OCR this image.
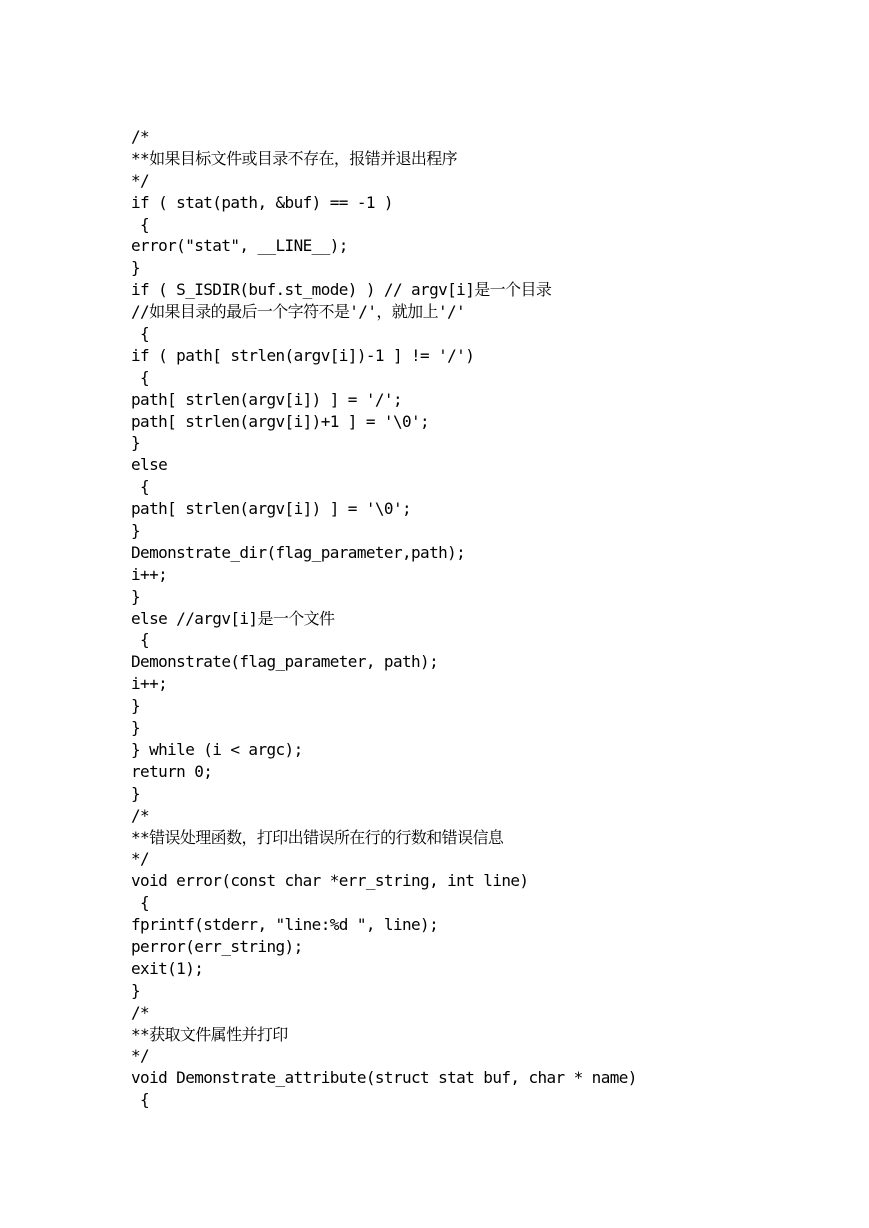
/*
**如果目标文件或目录不存在，报错并退出程序
*/
if ( stat(path, &buf) == -1 )
{
error("stat", __LINE__);
}
if ( S_ISDIR(buf.st_mode) ) // argv[i]是一个目录
//如果目录的最后一个字符不是'/'，就加上'/'
{
if ( path[ strlen(argv[i])-1 ] != '/')
{
path[ strlen(argv[i]) ] = '/';
path[ strlen(argv[i])+1 ] = '\0';
}
else
{
path[ strlen(argv[i]) ] = '\0';
}
Demonstrate_dir(flag_parameter,path);
i++;
}
else //argv[i]是一个文件
{
Demonstrate(flag_parameter, path);
i++;
}
}
} while (i < argc);
return 0;
}
/*
**错误处理函数，打印出错误所在行的行数和错误信息
*/
void error(const char *err_string, int line)
{
fprintf(stderr, "line:%d ", line);
perror(err_string);
exit(1);
}
/*
**获取文件属性并打印
*/
void Demonstrate_attribute(struct stat buf, char * name)
{
